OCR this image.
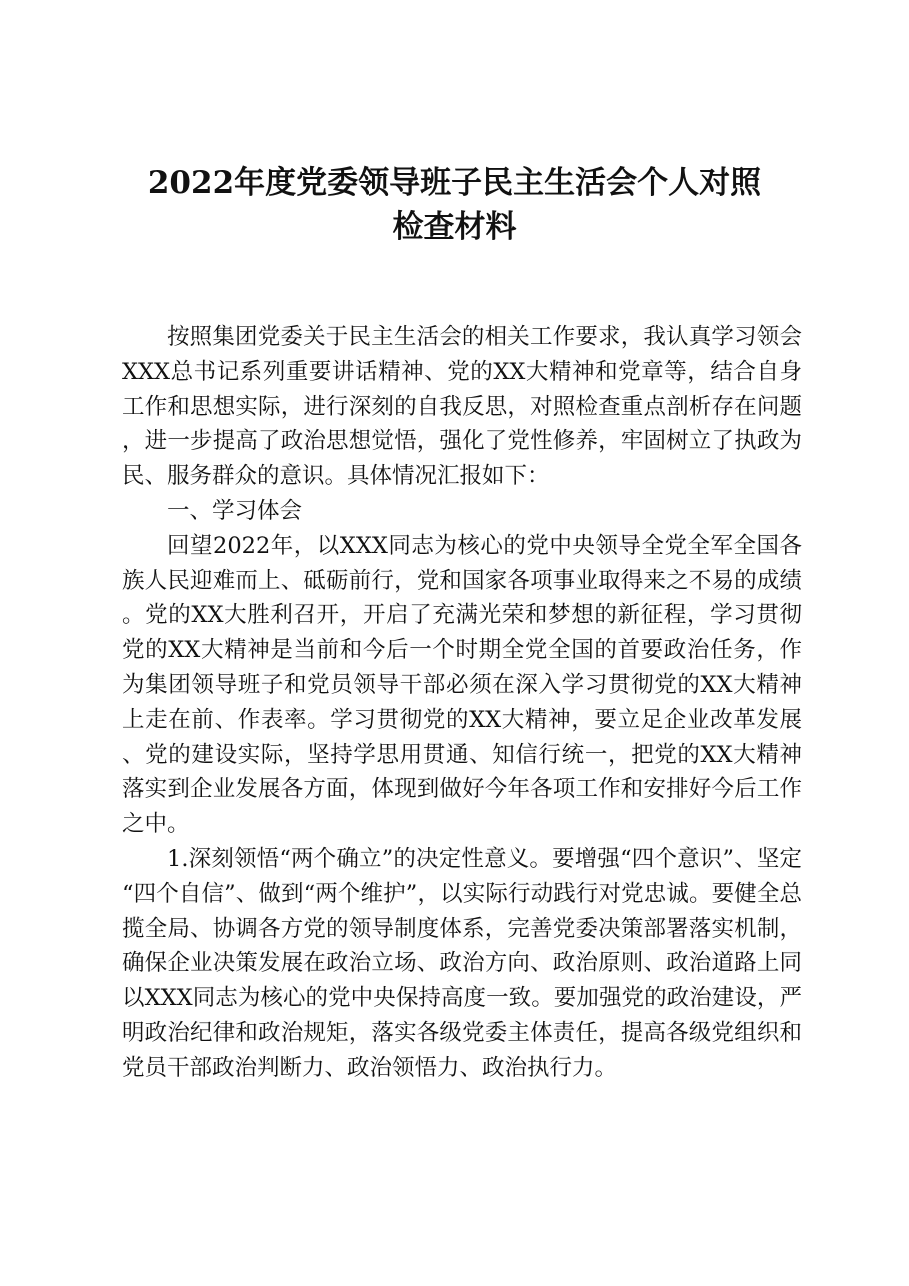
2022年度党委领导班子民主生活会个人对照
检查材料

按照集团党委关于民主生活会的相关工作要求，我认真学习领会XXX总书记系列重要讲话精神、党的XX大精神和党章等，结合自身工作和思想实际，进行深刻的自我反思，对照检查重点剖析存在问题，进一步提高了政治思想觉悟，强化了党性修养，牢固树立了执政为民、服务群众的意识。具体情况汇报如下：

一、学习体会

回望2022年，以XXX同志为核心的党中央领导全党全军全国各族人民迎难而上、砥砺前行，党和国家各项事业取得来之不易的成绩。党的XX大胜利召开，开启了充满光荣和梦想的新征程，学习贯彻党的XX大精神是当前和今后一个时期全党全国的首要政治任务，作为集团领导班子和党员领导干部必须在深入学习贯彻党的XX大精神上走在前、作表率。学习贯彻党的XX大精神，要立足企业改革发展、党的建设实际，坚持学思用贯通、知信行统一，把党的XX大精神落实到企业发展各方面，体现到做好今年各项工作和安排好今后工作之中。

1.深刻领悟“两个确立”的决定性意义。要增强“四个意识”、坚定“四个自信”、做到“两个维护”，以实际行动践行对党忠诚。要健全总揽全局、协调各方党的领导制度体系，完善党委决策部署落实机制，确保企业决策发展在政治立场、政治方向、政治原则、政治道路上同以XXX同志为核心的党中央保持高度一致。要加强党的政治建设，严明政治纪律和政治规矩，落实各级党委主体责任，提高各级党组织和党员干部政治判断力、政治领悟力、政治执行力。
